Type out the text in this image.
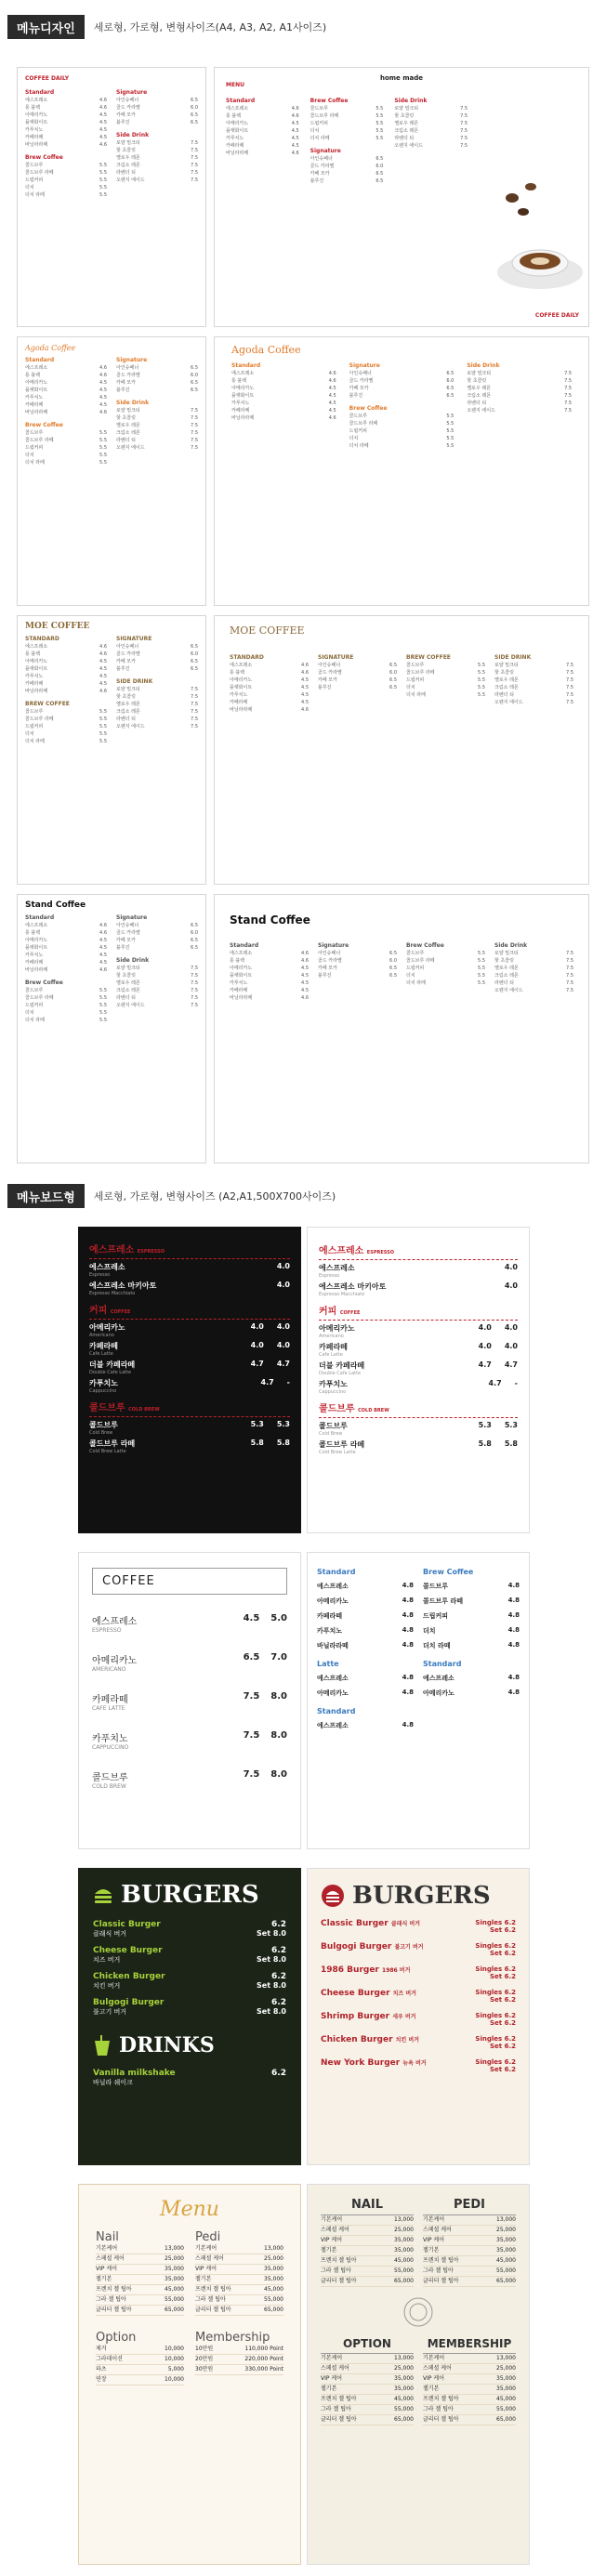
메뉴디자인	세로형, 가로형, 변형사이즈(A4, A3, A2, A1사이즈)
COFFEE DAILY
Standard
에스프레소	4.6
롱 블랙	4.6
아메리카노	4.5
플랫화이트	4.5
카푸치노	4.5
카페라떼	4.5
바닐라라떼	4.6
Brew Coffee
콜드브루	5.5
콜드브루 라떼	5.5
드립커피	5.5
더치	5.5
더치 라떼	5.5
Signature
아인슈페너	6.5
골드 카라멜	6.0
카페 모카	6.5
블루진	6.5
Side Drink
로얄 밀크티	7.5
핫 초콜릿	7.5
옐로우 레몬	7.5
크림소 레몬	7.5
라벤더 티	7.5
오렌지 에이드	7.5
home made
MENU
Standard
에스프레소	4.6
롱 블랙	4.6
아메리카노	4.5
플랫화이트	4.5
카푸치노	4.5
카페라떼	4.5
바닐라라떼	4.6
Brew Coffee
콜드브루	5.5
콜드브루 라떼	5.5
드립커피	5.5
더치	5.5
더치 라떼	5.5
Signature
아인슈페너	6.5
골드 카라멜	6.0
카페 모카	6.5
블루진	6.5
Side Drink
로얄 밀크티	7.5
핫 초콜릿	7.5
옐로우 레몬	7.5
크림소 레몬	7.5
라벤더 티	7.5
오렌지 에이드	7.5
COFFEE DAILY
Agoda Coffee
Standard
에스프레소	4.6
롱 블랙	4.6
아메리카노	4.5
플랫화이트	4.5
카푸치노	4.5
카페라떼	4.5
바닐라라떼	4.6
Brew Coffee
콜드브루	5.5
콜드브루 라떼	5.5
드립커피	5.5
더치	5.5
더치 라떼	5.5
Signature
아인슈페너	6.5
골드 카라멜	6.0
카페 모카	6.5
블루진	6.5
Side Drink
로얄 밀크티	7.5
핫 초콜릿	7.5
옐로우 레몬	7.5
크림소 레몬	7.5
라벤더 티	7.5
오렌지 에이드	7.5
Agoda Coffee
Standard
에스프레소	4.6
롱 블랙	4.6
아메리카노	4.5
플랫화이트	4.5
카푸치노	4.5
카페라떼	4.5
바닐라라떼	4.6
Signature
아인슈페너	6.5
골드 카라멜	6.0
카페 모카	6.5
블루진	6.5
Brew Coffee
콜드브루	5.5
콜드브루 라떼	5.5
드립커피	5.5
더치	5.5
더치 라떼	5.5
Side Drink
로얄 밀크티	7.5
핫 초콜릿	7.5
옐로우 레몬	7.5
크림소 레몬	7.5
라벤더 티	7.5
오렌지 에이드	7.5
MOE COFFEE
STANDARD
에스프레소	4.6
롱 블랙	4.6
아메리카노	4.5
플랫화이트	4.5
카푸치노	4.5
카페라떼	4.5
바닐라라떼	4.6
BREW COFFEE
콜드브루	5.5
콜드브루 라떼	5.5
드립커피	5.5
더치	5.5
더치 라떼	5.5
SIGNATURE
아인슈페너	6.5
골드 카라멜	6.0
카페 모카	6.5
블루진	6.5
SIDE DRINK
로얄 밀크티	7.5
핫 초콜릿	7.5
옐로우 레몬	7.5
크림소 레몬	7.5
라벤더 티	7.5
오렌지 에이드	7.5
MOE COFFEE
STANDARD
에스프레소	4.6
롱 블랙	4.6
아메리카노	4.5
플랫화이트	4.5
카푸치노	4.5
카페라떼	4.5
바닐라라떼	4.6
SIGNATURE
아인슈페너	6.5
골드 카라멜	6.0
카페 모카	6.5
블루진	6.5
BREW COFFEE
콜드브루	5.5
콜드브루 라떼	5.5
드립커피	5.5
더치	5.5
더치 라떼	5.5
SIDE DRINK
로얄 밀크티	7.5
핫 초콜릿	7.5
옐로우 레몬	7.5
크림소 레몬	7.5
라벤더 티	7.5
오렌지 에이드	7.5
Stand Coffee
Standard
에스프레소	4.6
롱 블랙	4.6
아메리카노	4.5
플랫화이트	4.5
카푸치노	4.5
카페라떼	4.5
바닐라라떼	4.6
Brew Coffee
콜드브루	5.5
콜드브루 라떼	5.5
드립커피	5.5
더치	5.5
더치 라떼	5.5
Signature
아인슈페너	6.5
골드 카라멜	6.0
카페 모카	6.5
블루진	6.5
Side Drink
로얄 밀크티	7.5
핫 초콜릿	7.5
옐로우 레몬	7.5
크림소 레몬	7.5
라벤더 티	7.5
오렌지 에이드	7.5
Stand Coffee
Standard
에스프레소	4.6
롱 블랙	4.6
아메리카노	4.5
플랫화이트	4.5
카푸치노	4.5
카페라떼	4.5
바닐라라떼	4.6
Signature
아인슈페너	6.5
골드 카라멜	6.0
카페 모카	6.5
블루진	6.5
Brew Coffee
콜드브루	5.5
콜드브루 라떼	5.5
드립커피	5.5
더치	5.5
더치 라떼	5.5
Side Drink
로얄 밀크티	7.5
핫 초콜릿	7.5
옐로우 레몬	7.5
크림소 레몬	7.5
라벤더 티	7.5
오렌지 에이드	7.5
메뉴보드형	세로형, 가로형, 변형사이즈 (A2,A1,500X700사이즈)
에스프레소 ESPRESSO
에스프레소
Espresso
4.0
에스프레소 마키아토
Espresso Macchiato
4.0
커피 COFFEE
아메리카노
Americano
4.0 4.0
카페라떼
Cafe Latte
4.0 4.0
더블 카페라떼
Double Cafe Latte
4.7 4.7
카푸치노
Cappuccino
4.7 -
콜드브루 COLD BREW
콜드브루
Cold Brew
5.3 5.3
콜드브루 라떼
Cold Brew Latte
5.8 5.8
에스프레소 ESPRESSO
에스프레소
Espresso
4.0
에스프레소 마키아토
Espresso Macchiato
4.0
커피 COFFEE
아메리카노
Americano
4.0 4.0
카페라떼
Cafe Latte
4.0 4.0
더블 카페라떼
Double Cafe Latte
4.7 4.7
카푸치노
Cappuccino
4.7 -
콜드브루 COLD BREW
콜드브루
Cold Brew
5.3 5.3
콜드브루 라떼
Cold Brew Latte
5.8 5.8
COFFEE
에스프레소
ESPRESSO
4.5 5.0
아메리카노
AMERICANO
6.5 7.0
카페라떼
CAFE LATTE
7.5 8.0
카푸치노
CAPPUCCINO
7.5 8.0
콜드브루
COLD BREW
7.5 8.0
Standard
에스프레소	4.8
아메리카노	4.8
카페라떼	4.8
카푸치노	4.8
바닐라라떼	4.8
Latte
에스프레소	4.8
아메리카노	4.8
Standard
에스프레소	4.8
Brew Coffee
콜드브루	4.8
콜드브루 라떼	4.8
드립커피	4.8
더치	4.8
더치 라떼	4.8
Standard
에스프레소	4.8
아메리카노	4.8
BURGERS
Classic Burger
클래식 버거
6.2
Set 8.0
Cheese Burger
치즈 버거
6.2
Set 8.0
Chicken Burger
치킨 버거
6.2
Set 8.0
Bulgogi Burger
불고기 버거
6.2
Set 8.0
DRINKS
Vanilla milkshake
바닐라 쉐이크
6.2
BURGERS
Classic Burger 클래식 버거	Singles 6.2
Set 6.2
Bulgogi Burger 불고기 버거	Singles 6.2
Set 6.2
1986 Burger 1986 버거	Singles 6.2
Set 6.2
Cheese Burger 치즈 버거	Singles 6.2
Set 6.2
Shrimp Burger 새우 버거	Singles 6.2
Set 6.2
Chicken Burger 치킨 버거	Singles 6.2
Set 6.2
New York Burger 뉴욕 버거	Singles 6.2
Set 6.2
Menu
Nail
기본케어	13,000
스페셜 케어	25,000
VIP 케어	35,000
젤기본	35,000
프렌치 젤 팁아	45,000
그라 젤 팁아	55,000
글리터 젤 팁아	65,000
Pedi
기본케어	13,000
스페셜 케어	25,000
VIP 케어	35,000
젤기본	35,000
프렌치 젤 팁아	45,000
그라 젤 팁아	55,000
글리터 젤 팁아	65,000
Option
제거	10,000
그라데이션	10,000
파츠	5,000
연장	10,000
Membership
10만원	110,000 Point
20만원	220,000 Point
30만원	330,000 Point
NAIL
기본케어	13,000
스페셜 케어	25,000
VIP 케어	35,000
젤기본	35,000
프렌치 젤 팁아	45,000
그라 젤 팁아	55,000
글리터 젤 팁아	65,000
PEDI
기본케어	13,000
스페셜 케어	25,000
VIP 케어	35,000
젤기본	35,000
프렌치 젤 팁아	45,000
그라 젤 팁아	55,000
글리터 젤 팁아	65,000
OPTION
기본케어	13,000
스페셜 케어	25,000
VIP 케어	35,000
젤기본	35,000
프렌치 젤 팁아	45,000
그라 젤 팁아	55,000
글리터 젤 팁아	65,000
MEMBERSHIP
기본케어	13,000
스페셜 케어	25,000
VIP 케어	35,000
젤기본	35,000
프렌치 젤 팁아	45,000
그라 젤 팁아	55,000
글리터 젤 팁아	65,000
